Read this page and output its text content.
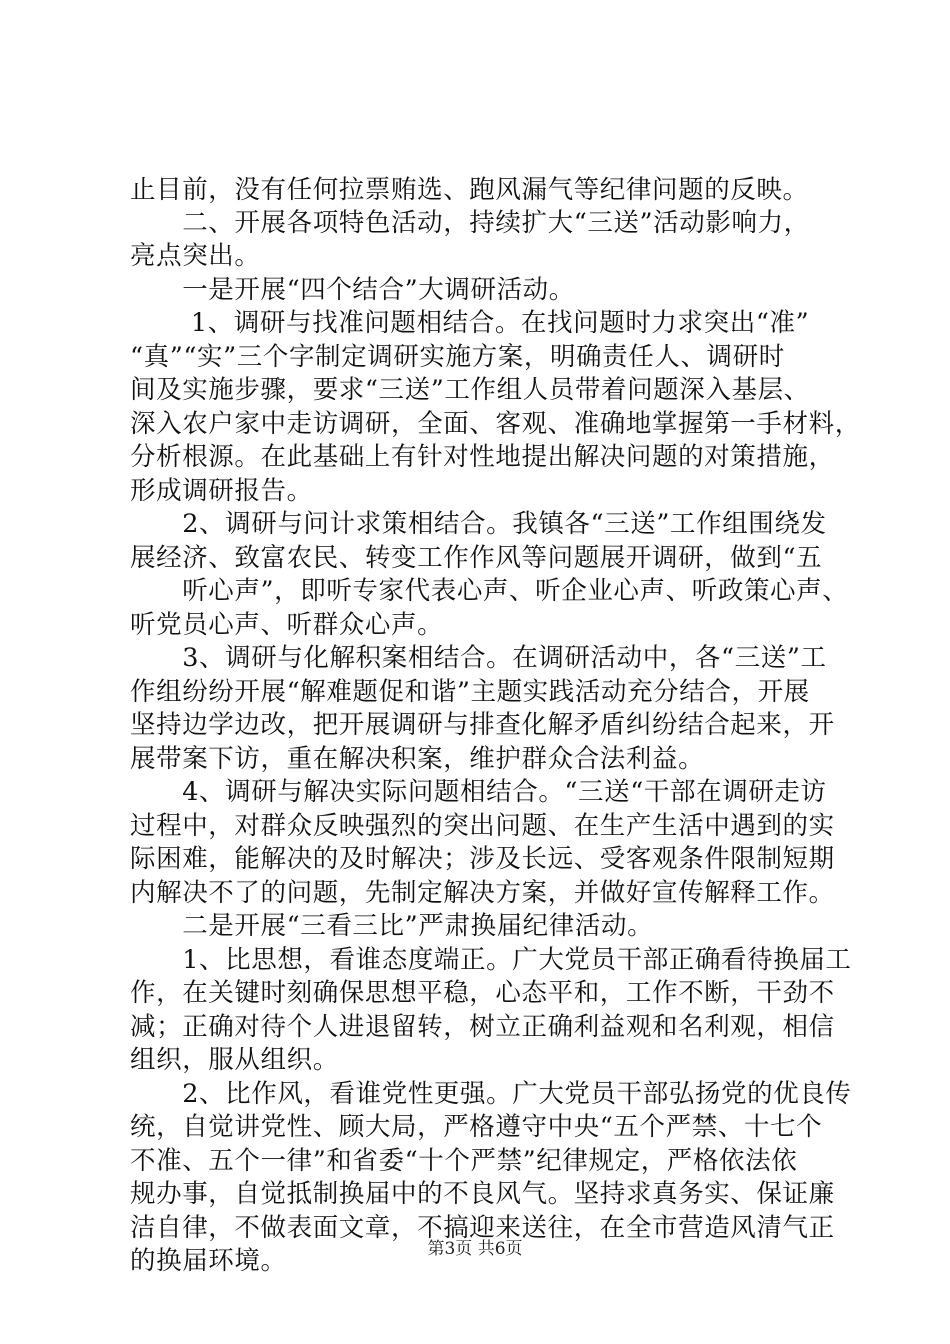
止目前，没有任何拉票贿选、跑风漏气等纪律问题的反映。
　　二、开展各项特色活动，持续扩大“三送”活动影响力，
亮点突出。
　　一是开展“四个结合”大调研活动。
　　 1、调研与找准问题相结合。在找问题时力求突出“准”
“真”“实”三个字制定调研实施方案，明确责任人、调研时
间及实施步骤，要求“三送”工作组人员带着问题深入基层、
深入农户家中走访调研，全面、客观、准确地掌握第一手材料，
分析根源。在此基础上有针对性地提出解决问题的对策措施，
形成调研报告。
　　2、调研与问计求策相结合。我镇各“三送”工作组围绕发
展经济、致富农民、转变工作作风等问题展开调研，做到“五
　　听心声”，即听专家代表心声、听企业心声、听政策心声、
听党员心声、听群众心声。
　　3、调研与化解积案相结合。在调研活动中，各“三送”工
作组纷纷开展“解难题促和谐”主题实践活动充分结合，开展
坚持边学边改，把开展调研与排查化解矛盾纠纷结合起来，开
展带案下访，重在解决积案，维护群众合法利益。
　　4、调研与解决实际问题相结合。“三送“干部在调研走访
过程中，对群众反映强烈的突出问题、在生产生活中遇到的实
际困难，能解决的及时解决；涉及长远、受客观条件限制短期
内解决不了的问题，先制定解决方案，并做好宣传解释工作。
　　二是开展“三看三比”严肃换届纪律活动。
　　1、比思想，看谁态度端正。广大党员干部正确看待换届工
作，在关键时刻确保思想平稳，心态平和，工作不断，干劲不
减；正确对待个人进退留转，树立正确利益观和名利观，相信
组织，服从组织。
　　2、比作风，看谁党性更强。广大党员干部弘扬党的优良传
统，自觉讲党性、顾大局，严格遵守中央“五个严禁、十七个
不准、五个一律”和省委“十个严禁”纪律规定，严格依法依
规办事，自觉抵制换届中的不良风气。坚持求真务实、保证廉
洁自律，不做表面文章，不搞迎来送往，在全市营造风清气正
的换届环境。	第3页 共6页
